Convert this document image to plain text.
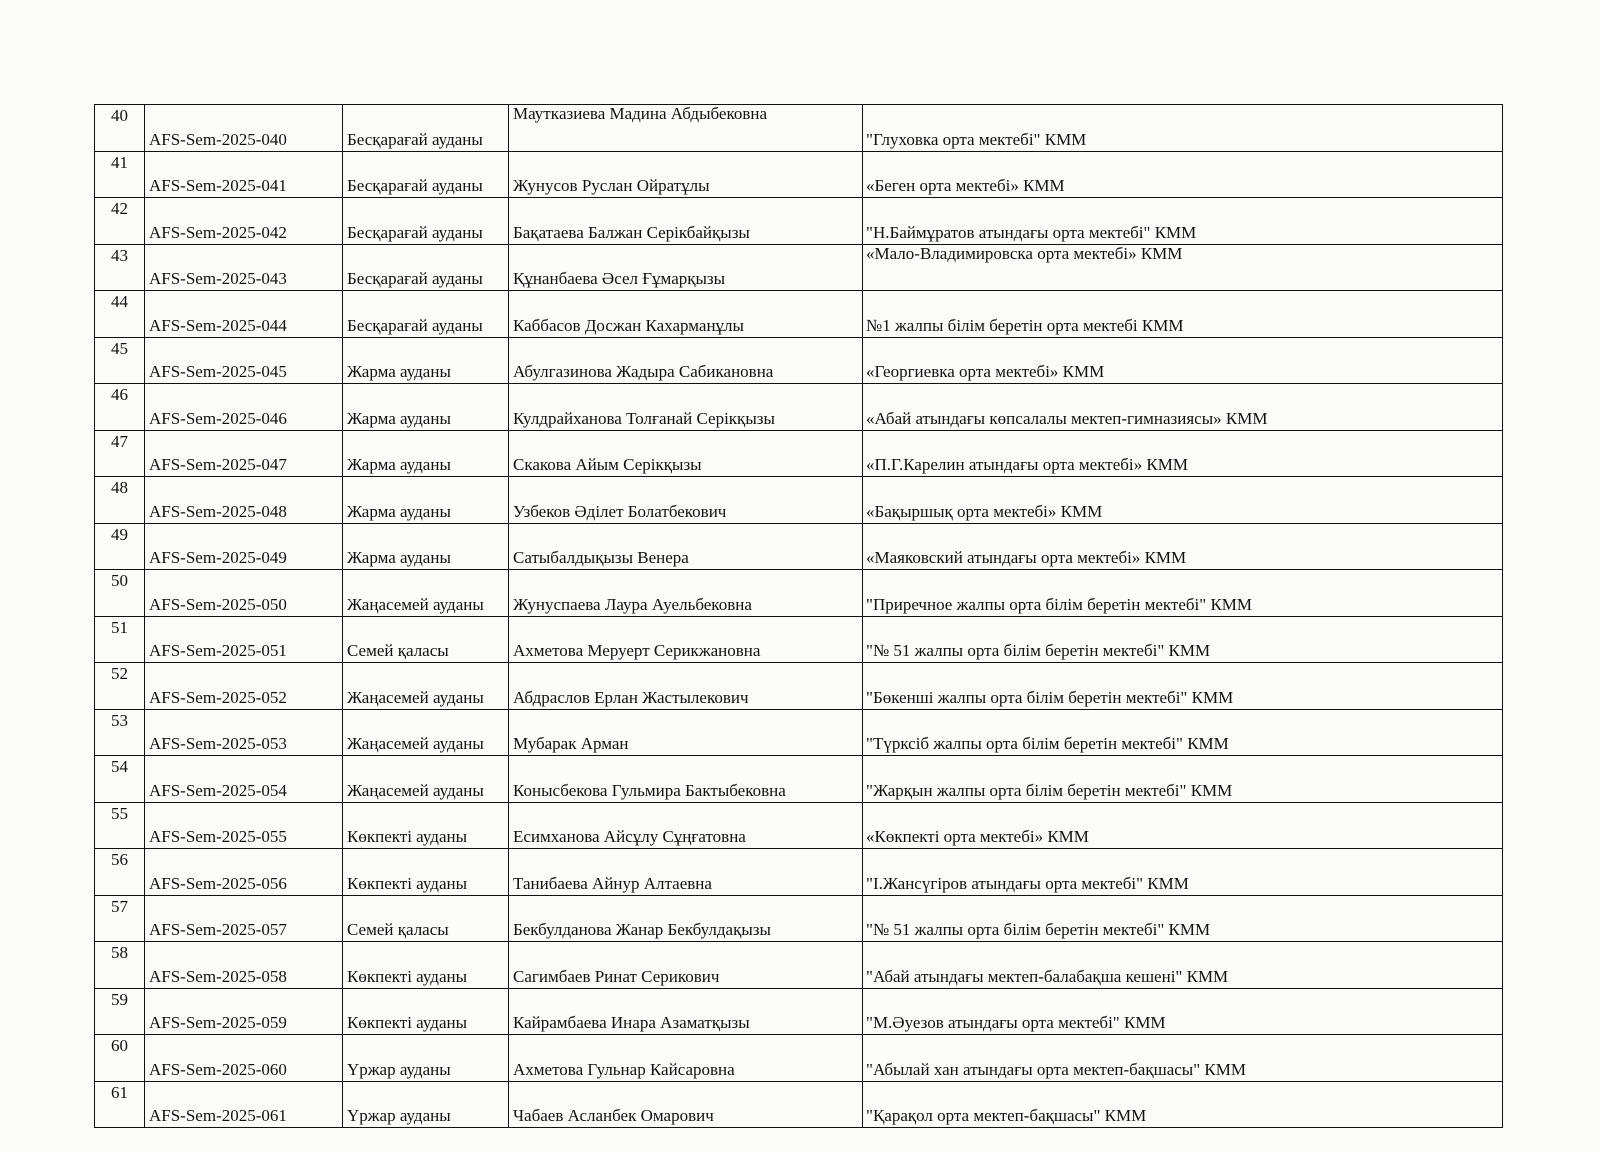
40	AFS-Sem-2025-040	Бесқарағай ауданы	Мауткaзиева Мадина Абдыбековна	"Глуховка орта мектебі" КММ
41	AFS-Sem-2025-041	Бесқарағай ауданы	Жунусов Руслан Ойратұлы	«Беген орта мектебі» КММ
42	AFS-Sem-2025-042	Бесқарағай ауданы	Бақатаева Балжан Серікбайқызы	"Н.Баймұратов атындағы орта мектебі" КММ
43	AFS-Sem-2025-043	Бесқарағай ауданы	Құнанбаева Әсел Ғұмарқызы	«Мало-Владимировска орта мектебі» КММ
44	AFS-Sem-2025-044	Бесқарағай ауданы	Каббасов Досжан Кахарманұлы	№1 жалпы білім беретін орта мектебі КММ
45	AFS-Sem-2025-045	Жарма ауданы	Абулгазинова Жадыра Сабикановна	«Георгиевка орта мектебі» КММ
46	AFS-Sem-2025-046	Жарма ауданы	Кулдрайханова Толғанай Серікқызы	«Абай атындағы көпсалалы мектеп-гимназиясы» КММ
47	AFS-Sem-2025-047	Жарма ауданы	Скакова Айым Серікқызы	«П.Г.Карелин атындағы орта мектебі» КММ
48	AFS-Sem-2025-048	Жарма ауданы	Узбеков Әділет Болатбекович	«Бақыршық орта мектебі» КММ
49	AFS-Sem-2025-049	Жарма ауданы	Сатыбалдықызы Венера	«Маяковский атындағы орта мектебі» КММ
50	AFS-Sem-2025-050	Жаңасемей ауданы	Жунуспаева Лаура Ауельбековна	"Приречное жалпы орта білім беретін мектебі" КММ
51	AFS-Sem-2025-051	Семей қаласы	Ахметова Меруерт Серикжановна	"№ 51 жалпы орта білім беретін мектебі" КММ
52	AFS-Sem-2025-052	Жаңасемей ауданы	Абдраслов Ерлан Жастылекович	"Бөкенші жалпы орта білім беретін мектебі" КММ
53	AFS-Sem-2025-053	Жаңасемей ауданы	Мубарак Арман	"Түрксіб жалпы орта білім беретін мектебі" КММ
54	AFS-Sem-2025-054	Жаңасемей ауданы	Конысбекова Гульмира Бактыбековна	"Жарқын жалпы орта білім беретін мектебі" КММ
55	AFS-Sem-2025-055	Көкпекті ауданы	Есимханова Айсұлу Сұңғатовна	«Көкпекті орта мектебі» КММ
56	AFS-Sem-2025-056	Көкпекті ауданы	Танибаева Айнур Алтаевна	"І.Жансүгіров атындағы орта мектебі" КММ
57	AFS-Sem-2025-057	Семей қаласы	Бекбулданова Жанар Бекбулдақызы	"№ 51 жалпы орта білім беретін мектебі" КММ
58	AFS-Sem-2025-058	Көкпекті ауданы	Сагимбаев Ринат Серикович	"Абай атындағы мектеп-балабақша кешені" КММ
59	AFS-Sem-2025-059	Көкпекті ауданы	Кайрамбаева Инара Азаматқызы	"М.Әуезов атындағы орта мектебі" КММ
60	AFS-Sem-2025-060	Үржар ауданы	Ахметова Гульнар Кайсаровна	"Абылай хан атындағы орта мектеп-бақшасы" КММ
61	AFS-Sem-2025-061	Үржар ауданы	Чабаев Асланбек Омарович	"Қарақол орта мектеп-бақшасы" КММ
